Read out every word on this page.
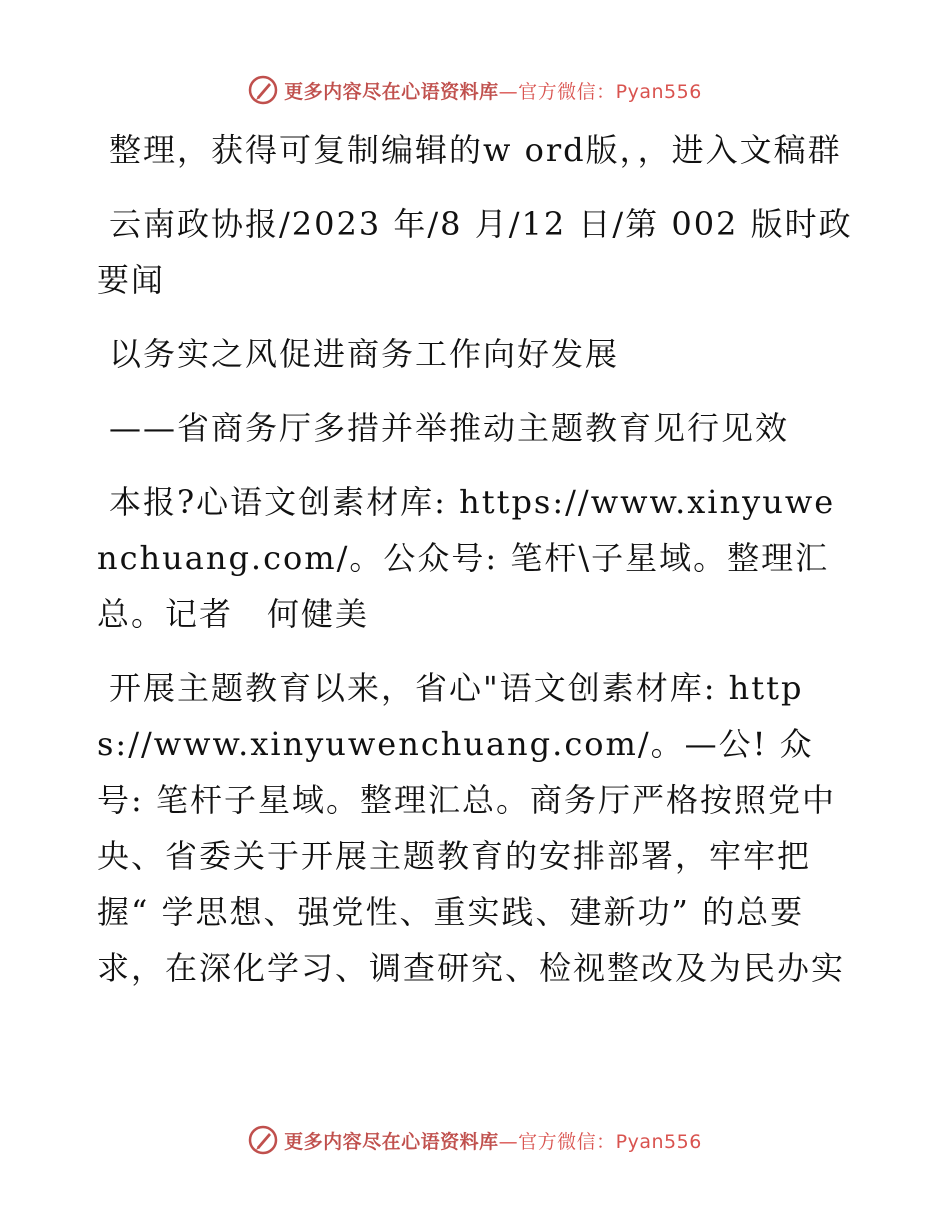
更多内容尽在心语资料库—官方微信：Pyan556

整理，获得可复制编辑的w ord版，，进入文稿群

云南政协报/2023 年/8 月/12 日/第 002 版时政要闻

以务实之风促进商务工作向好发展

——省商务厅多措并举推动主题教育见行见效

本报?心语文创素材库: https://www.xinyuwenchuang.com/。公众号: 笔杆\子星域。整理汇总。记者　何健美

开展主题教育以来，省心"语文创素材库: https://www.xinyuwenchuang.com/。—公! 众号: 笔杆子星域。整理汇总。商务厅严格按照党中央、省委关于开展主题教育的安排部署，牢牢把握“ 学思想、强党性、重实践、建新功” 的总要求，在深化学习、调查研究、检视整改及为民办实

更多内容尽在心语资料库—官方微信：Pyan556
